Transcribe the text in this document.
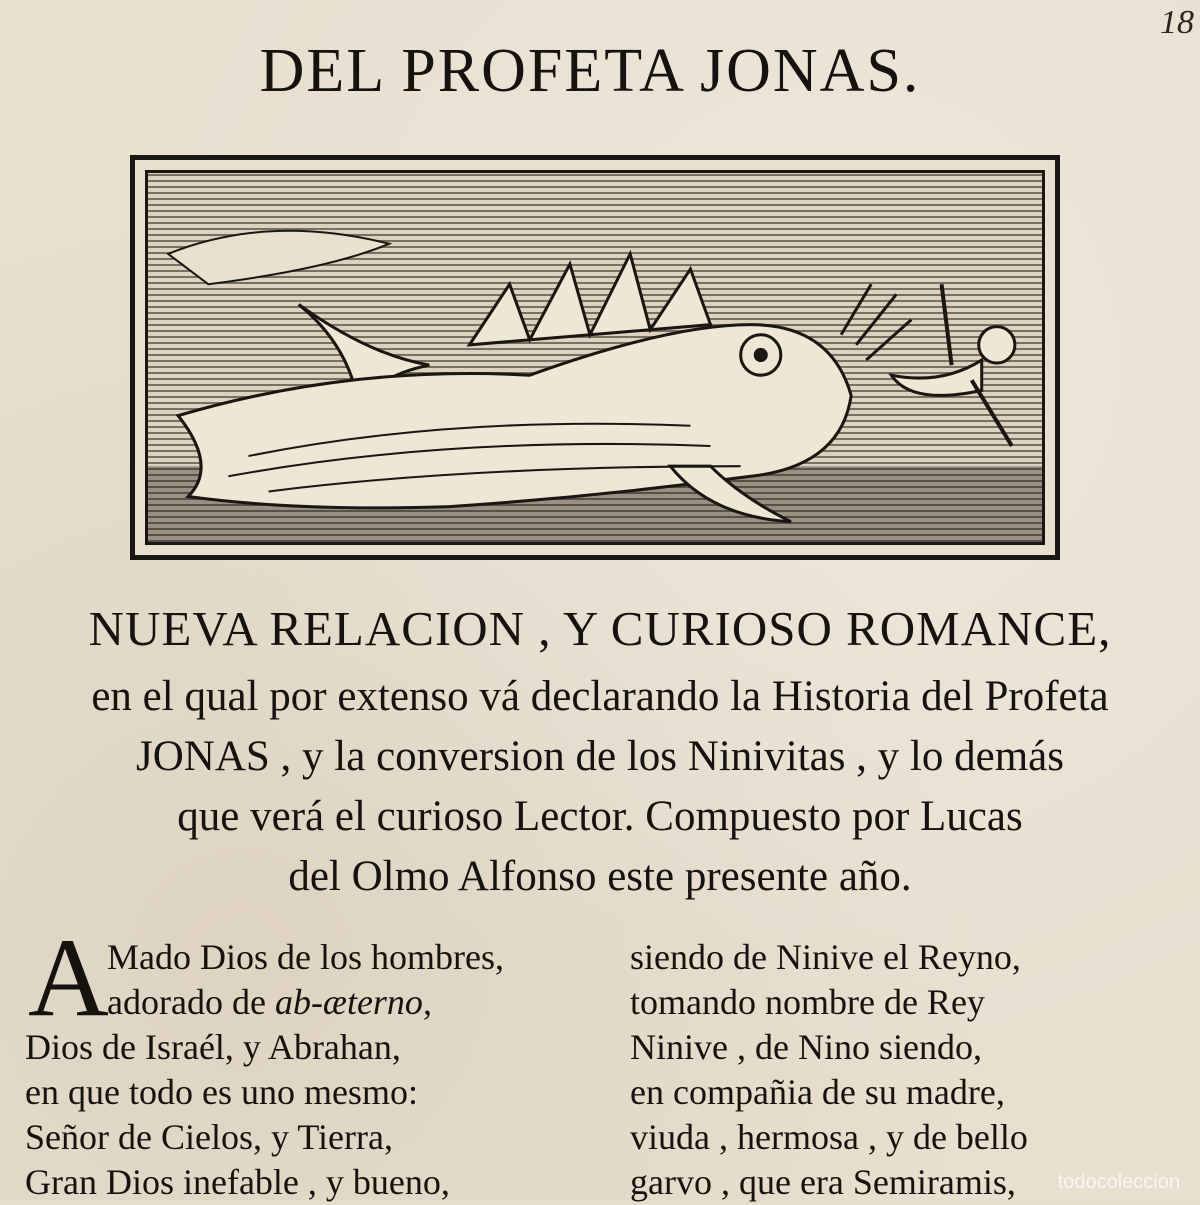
18
DEL PROFETA JONAS.
NUEVA RELACION , Y CURIOSO ROMANCE,
en el qual por extenso vá declarando la Historia del Profeta
JONAS , y la conversion de los Ninivitas , y lo demás
que verá el curioso Lector. Compuesto por Lucas
del Olmo Alfonso este presente año.
A
Mado Dios de los hombres,
adorado de ab-æterno,
Dios de Israél, y Abrahan,
en que todo es uno mesmo:
Señor de Cielos, y Tierra,
Gran Dios inefable , y bueno,
siendo de Ninive el Reyno,
tomando nombre de Rey
Ninive , de Nino siendo,
en compañia de su madre,
viuda , hermosa , y de bello
garvo , que era Semiramis,	todocoleccion
